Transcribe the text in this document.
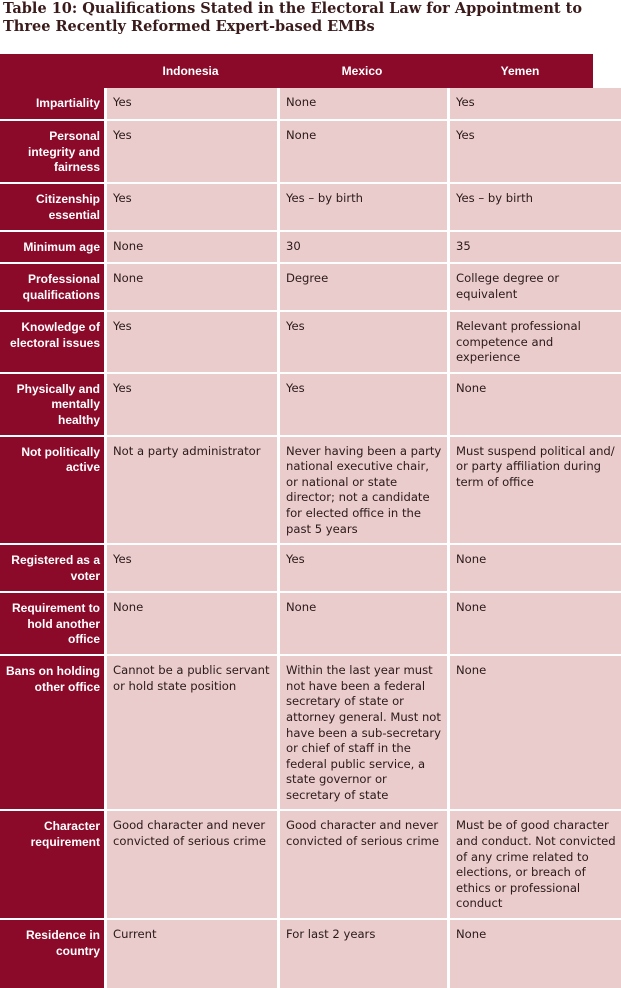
Table 10: Qualifications Stated in the Electoral Law for Appointment to Three Recently Reformed Expert-based EMBs
	Indonesia	Mexico	Yemen
Impartiality	Yes	None	Yes
Personal integrity and fairness	Yes	None	Yes
Citizenship essential	Yes	Yes – by birth	Yes – by birth
Minimum age	None	30	35
Professional qualifications	None	Degree	College degree or equivalent
Knowledge of electoral issues	Yes	Yes	Relevant professional competence and experience
Physically and mentally healthy	Yes	Yes	None
Not politically active	Not a party administrator	Never having been a party national executive chair, or national or state director; not a candidate for elected office in the past 5 years	Must suspend political and/ or party affiliation during term of office
Registered as a voter	Yes	Yes	None
Requirement to hold another office	None	None	None
Bans on holding other office	Cannot be a public servant or hold state position	Within the last year must not have been a federal secretary of state or attorney general. Must not have been a sub-secretary or chief of staff in the federal public service, a state governor or secretary of state	None
Character requirement	Good character and never convicted of serious crime	Good character and never convicted of serious crime	Must be of good character and conduct. Not convicted of any crime related to elections, or breach of ethics or professional conduct
Residence in country	Current	For last 2 years	None
